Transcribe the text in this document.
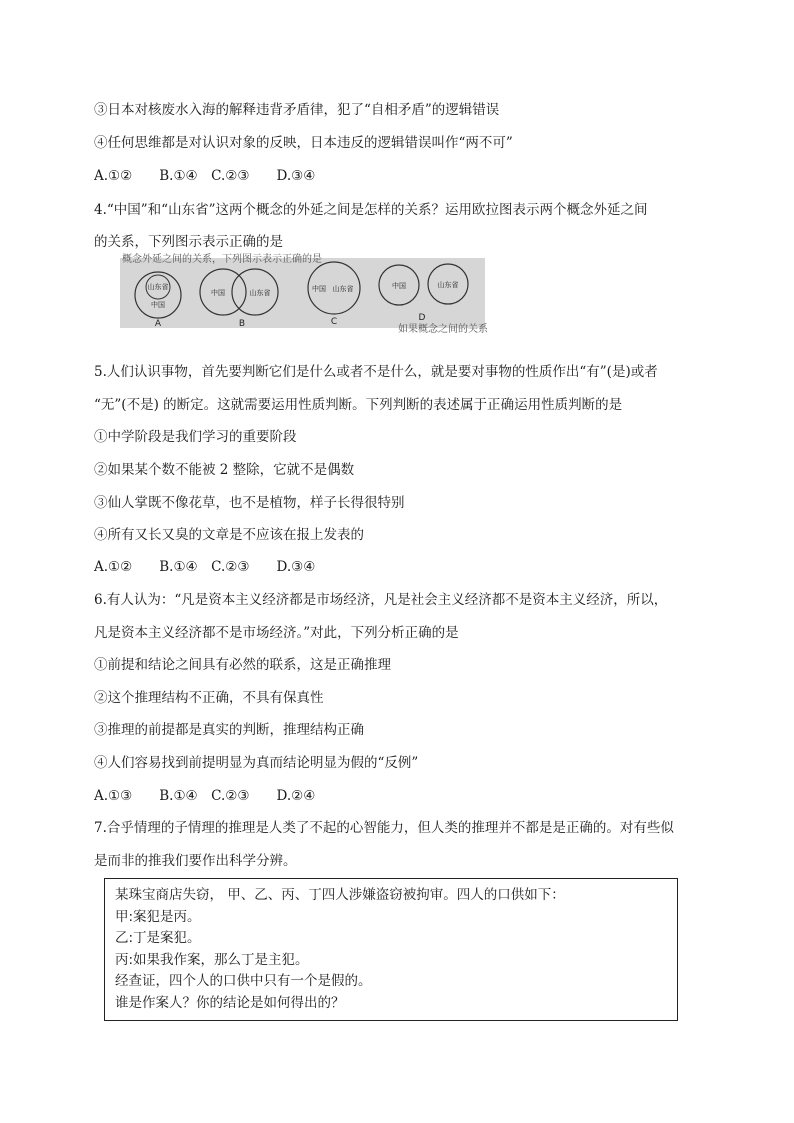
③日本对核废水入海的解释违背矛盾律，犯了“自相矛盾”的逻辑错误
④任何思维都是对认识对象的反映，日本违反的逻辑错误叫作“两不可”
A.①②　　B.①④　C.②③　　D.③④
4.“中国”和“山东省”这两个概念的外延之间是怎样的关系？运用欧拉图表示两个概念外延之间
的关系，下列图示表示正确的是
概念外延之间的关系，下列图示表示正确的是
山东省
中国
A
中国	山东省
B
中国 山东省
C
中国	山东省
D
如果概念之间的关系
5.人们认识事物，首先要判断它们是什么或者不是什么，就是要对事物的性质作出“有”(是)或者
“无”(不是) 的断定。这就需要运用性质判断。下列判断的表述属于正确运用性质判断的是
①中学阶段是我们学习的重要阶段
②如果某个数不能被 2 整除，它就不是偶数
③仙人掌既不像花草，也不是植物，样子长得很特别
④所有又长又臭的文章是不应该在报上发表的
A.①②　　B.①④　C.②③　　D.③④
6.有人认为：“凡是资本主义经济都是市场经济，凡是社会主义经济都不是资本主义经济，所以，
凡是资本主义经济都不是市场经济。”对此，下列分析正确的是
①前提和结论之间具有必然的联系，这是正确推理
②这个推理结构不正确，不具有保真性
③推理的前提都是真实的判断，推理结构正确
④人们容易找到前提明显为真而结论明显为假的“反例”
A.①③　　B.①④　C.②③　　D.②④
7.合乎情理的子情理的推理是人类了不起的心智能力，但人类的推理并不都是是正确的。对有些似
是而非的推我们要作出科学分辨。
某珠宝商店失窃， 甲、乙、丙、丁四人涉嫌盗窃被拘审。四人的口供如下：
甲:案犯是丙。
乙:丁是案犯。
丙:如果我作案，那么丁是主犯。
经查证，四个人的口供中只有一个是假的。
谁是作案人？你的结论是如何得出的？
